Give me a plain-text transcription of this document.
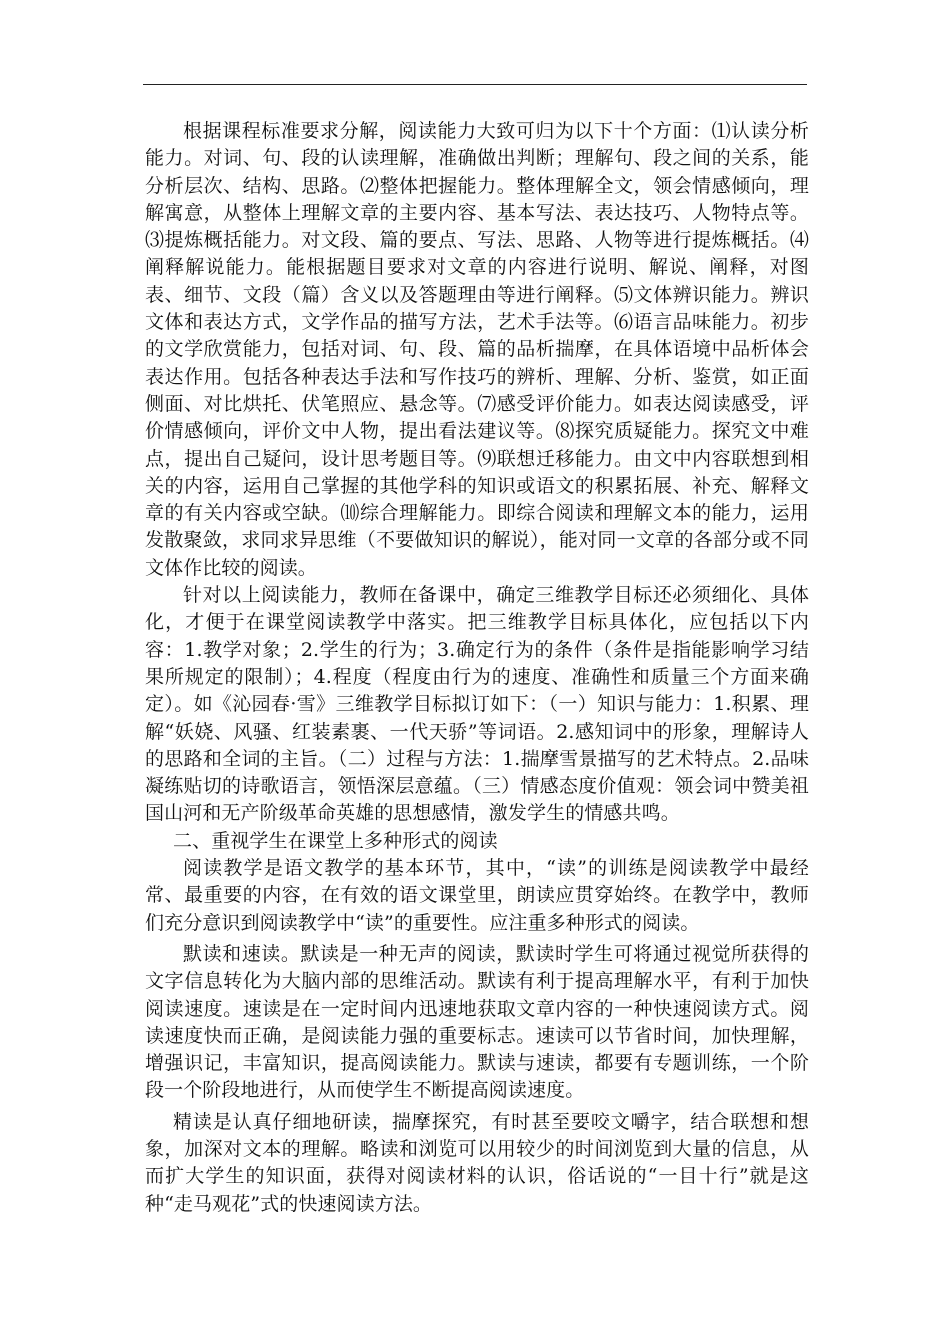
根据课程标准要求分解，阅读能力大致可归为以下十个方面：⑴认读分析能力。对词、句、段的认读理解，准确做出判断；理解句、段之间的关系，能分析层次、结构、思路。⑵整体把握能力。整体理解全文，领会情感倾向，理解寓意，从整体上理解文章的主要内容、基本写法、表达技巧、人物特点等。⑶提炼概括能力。对文段、篇的要点、写法、思路、人物等进行提炼概括。⑷阐释解说能力。能根据题目要求对文章的内容进行说明、解说、阐释，对图表、细节、文段（篇）含义以及答题理由等进行阐释。⑸文体辨识能力。辨识文体和表达方式，文学作品的描写方法，艺术手法等。⑹语言品味能力。初步的文学欣赏能力，包括对词、句、段、篇的品析揣摩，在具体语境中品析体会表达作用。包括各种表达手法和写作技巧的辨析、理解、分析、鉴赏，如正面侧面、对比烘托、伏笔照应、悬念等。⑺感受评价能力。如表达阅读感受，评价情感倾向，评价文中人物，提出看法建议等。⑻探究质疑能力。探究文中难点，提出自己疑问，设计思考题目等。⑼联想迁移能力。由文中内容联想到相关的内容，运用自己掌握的其他学科的知识或语文的积累拓展、补充、解释文章的有关内容或空缺。⑽综合理解能力。即综合阅读和理解文本的能力，运用发散聚敛，求同求异思维（不要做知识的解说），能对同一文章的各部分或不同文体作比较的阅读。

针对以上阅读能力，教师在备课中，确定三维教学目标还必须细化、具体化，才便于在课堂阅读教学中落实。把三维教学目标具体化，应包括以下内容：1.教学对象；2.学生的行为；3.确定行为的条件（条件是指能影响学习结果所规定的限制）；4.程度（程度由行为的速度、准确性和质量三个方面来确定）。如《沁园春·雪》三维教学目标拟订如下：（一）知识与能力：1.积累、理解“妖娆、风骚、红装素裹、一代天骄”等词语。2.感知词中的形象，理解诗人的思路和全词的主旨。（二）过程与方法：1.揣摩雪景描写的艺术特点。2.品味凝练贴切的诗歌语言，领悟深层意蕴。（三）情感态度价值观：领会词中赞美祖国山河和无产阶级革命英雄的思想感情，激发学生的情感共鸣。

二、重视学生在课堂上多种形式的阅读

阅读教学是语文教学的基本环节，其中，“读”的训练是阅读教学中最经常、最重要的内容，在有效的语文课堂里，朗读应贯穿始终。在教学中，教师们充分意识到阅读教学中“读”的重要性。应注重多种形式的阅读。

默读和速读。默读是一种无声的阅读，默读时学生可将通过视觉所获得的文字信息转化为大脑内部的思维活动。默读有利于提高理解水平，有利于加快阅读速度。速读是在一定时间内迅速地获取文章内容的一种快速阅读方式。阅读速度快而正确，是阅读能力强的重要标志。速读可以节省时间，加快理解，增强识记，丰富知识，提高阅读能力。默读与速读，都要有专题训练，一个阶段一个阶段地进行，从而使学生不断提高阅读速度。

精读是认真仔细地研读，揣摩探究，有时甚至要咬文嚼字，结合联想和想象，加深对文本的理解。略读和浏览可以用较少的时间浏览到大量的信息，从而扩大学生的知识面，获得对阅读材料的认识，俗话说的“一目十行”就是这种“走马观花”式的快速阅读方法。
